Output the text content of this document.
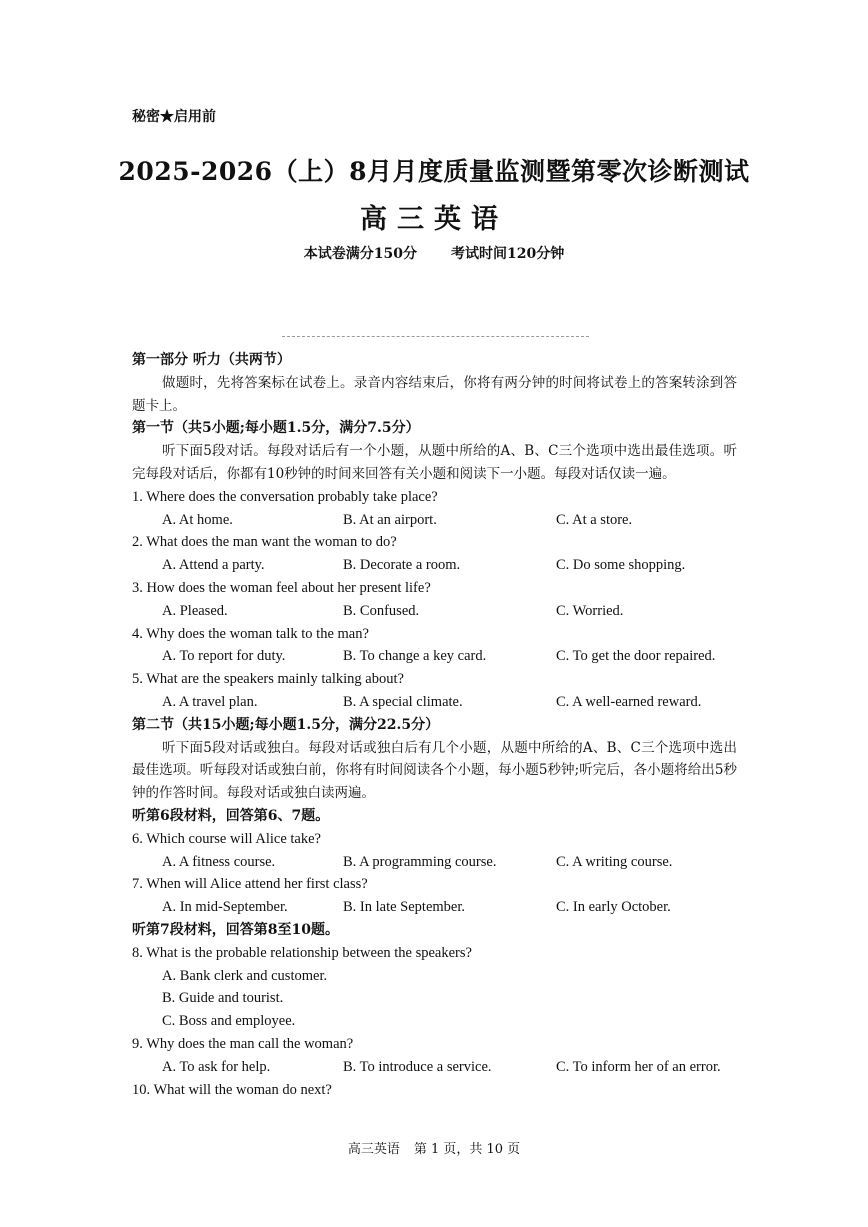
秘密★启用前
2025-2026（上）8月月度质量监测暨第零次诊断测试
高三英语
本试卷满分150分 考试时间120分钟
第一部分 听力（共两节）
做题时，先将答案标在试卷上。录音内容结束后，你将有两分钟的时间将试卷上的答案转涂到答题卡上。
第一节（共5小题;每小题1.5分，满分7.5分）
听下面5段对话。每段对话后有一个小题，从题中所给的A、B、C三个选项中选出最佳选项。听完每段对话后，你都有10秒钟的时间来回答有关小题和阅读下一小题。每段对话仅读一遍。
1. Where does the conversation probably take place?
A. At home.	B. At an airport.	C. At a store.
2. What does the man want the woman to do?
A. Attend a party.	B. Decorate a room.	C. Do some shopping.
3. How does the woman feel about her present life?
A. Pleased.	B. Confused.	C. Worried.
4. Why does the woman talk to the man?
A. To report for duty.	B. To change a key card.	C. To get the door repaired.
5. What are the speakers mainly talking about?
A. A travel plan.	B. A special climate.	C. A well-earned reward.
第二节（共15小题;每小题1.5分，满分22.5分）
听下面5段对话或独白。每段对话或独白后有几个小题，从题中所给的A、B、C三个选项中选出最佳选项。听每段对话或独白前，你将有时间阅读各个小题，每小题5秒钟;听完后，各小题将给出5秒钟的作答时间。每段对话或独白读两遍。
听第6段材料，回答第6、7题。
6. Which course will Alice take?
A. A fitness course.	B. A programming course.	C. A writing course.
7. When will Alice attend her first class?
A. In mid-September.	B. In late September.	C. In early October.
听第7段材料，回答第8至10题。
8. What is the probable relationship between the speakers?
A. Bank clerk and customer.
B. Guide and tourist.
C. Boss and employee.
9. Why does the man call the woman?
A. To ask for help.	B. To introduce a service.	C. To inform her of an error.
10. What will the woman do next?
高三英语 第 1 页，共 10 页
